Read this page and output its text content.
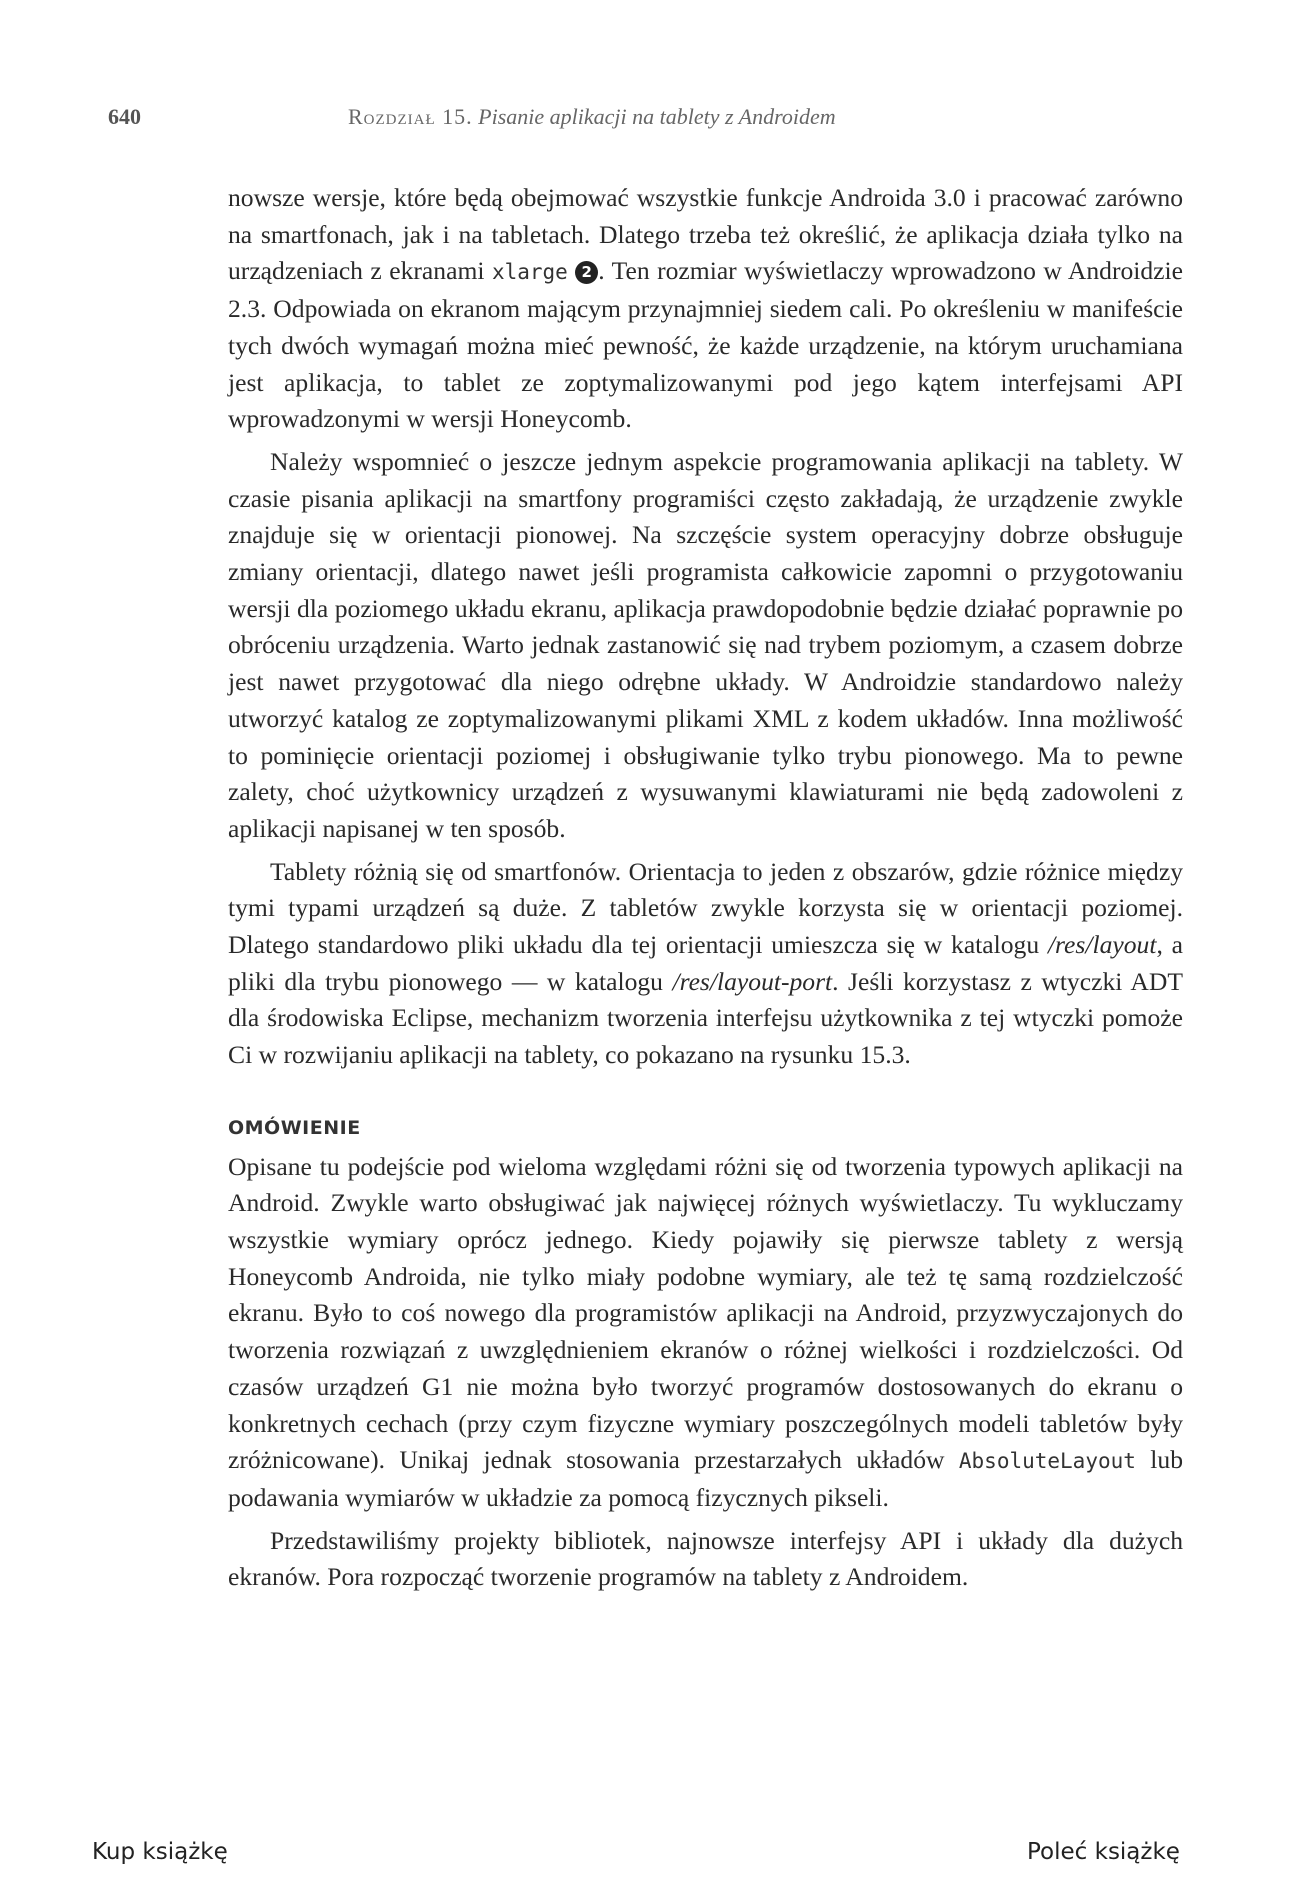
640	Rozdział 15. Pisanie aplikacji na tablety z Androidem

nowsze wersje, które będą obejmować wszystkie funkcje Androida 3.0 i pracować zarówno na smartfonach, jak i na tabletach. Dlatego trzeba też określić, że aplikacja działa tylko na urządzeniach z ekranami xlarge 2 . Ten rozmiar wyświetlaczy wprowadzono w Androidzie 2.3. Odpowiada on ekranom mającym przynajmniej siedem cali. Po określeniu w manifeście tych dwóch wymagań można mieć pewność, że każde urządzenie, na którym uruchamiana jest aplikacja, to tablet ze zoptymalizowanymi pod jego kątem interfejsami API wprowadzonymi w wersji Honeycomb.

Należy wspomnieć o jeszcze jednym aspekcie programowania aplikacji na tablety. W czasie pisania aplikacji na smartfony programiści często zakładają, że urządzenie zwykle znajduje się w orientacji pionowej. Na szczęście system operacyjny dobrze obsługuje zmiany orientacji, dlatego nawet jeśli programista całkowicie zapomni o przygotowaniu wersji dla poziomego układu ekranu, aplikacja prawdopodobnie będzie działać poprawnie po obróceniu urządzenia. Warto jednak zastanowić się nad trybem poziomym, a czasem dobrze jest nawet przygotować dla niego odrębne układy. W Androidzie standardowo należy utworzyć katalog ze zoptymalizowanymi plikami XML z kodem układów. Inna możliwość to pominięcie orientacji poziomej i obsługiwanie tylko trybu pionowego. Ma to pewne zalety, choć użytkownicy urządzeń z wysuwanymi klawiaturami nie będą zadowoleni z aplikacji napisanej w ten sposób.

Tablety różnią się od smartfonów. Orientacja to jeden z obszarów, gdzie różnice między tymi typami urządzeń są duże. Z tabletów zwykle korzysta się w orientacji poziomej. Dlatego standardowo pliki układu dla tej orientacji umieszcza się w katalogu /res/layout, a pliki dla trybu pionowego — w katalogu /res/layout-port. Jeśli korzystasz z wtyczki ADT dla środowiska Eclipse, mechanizm tworzenia interfejsu użytkownika z tej wtyczki pomoże Ci w rozwijaniu aplikacji na tablety, co pokazano na rysunku 15.3.

OMÓWIENIE

Opisane tu podejście pod wieloma względami różni się od tworzenia typowych aplikacji na Android. Zwykle warto obsługiwać jak najwięcej różnych wyświetlaczy. Tu wykluczamy wszystkie wymiary oprócz jednego. Kiedy pojawiły się pierwsze tablety z wersją Honeycomb Androida, nie tylko miały podobne wymiary, ale też tę samą rozdzielczość ekranu. Było to coś nowego dla programistów aplikacji na Android, przyzwyczajonych do tworzenia rozwiązań z uwzględnieniem ekranów o różnej wielkości i rozdzielczości. Od czasów urządzeń G1 nie można było tworzyć programów dostosowanych do ekranu o konkretnych cechach (przy czym fizyczne wymiary poszczególnych modeli tabletów były zróżnicowane). Unikaj jednak stosowania przestarzałych układów AbsoluteLayout lub podawania wymiarów w układzie za pomocą fizycznych pikseli.

Przedstawiliśmy projekty bibliotek, najnowsze interfejsy API i układy dla dużych ekranów. Pora rozpocząć tworzenie programów na tablety z Androidem.

Kup książkę	Poleć książkę
